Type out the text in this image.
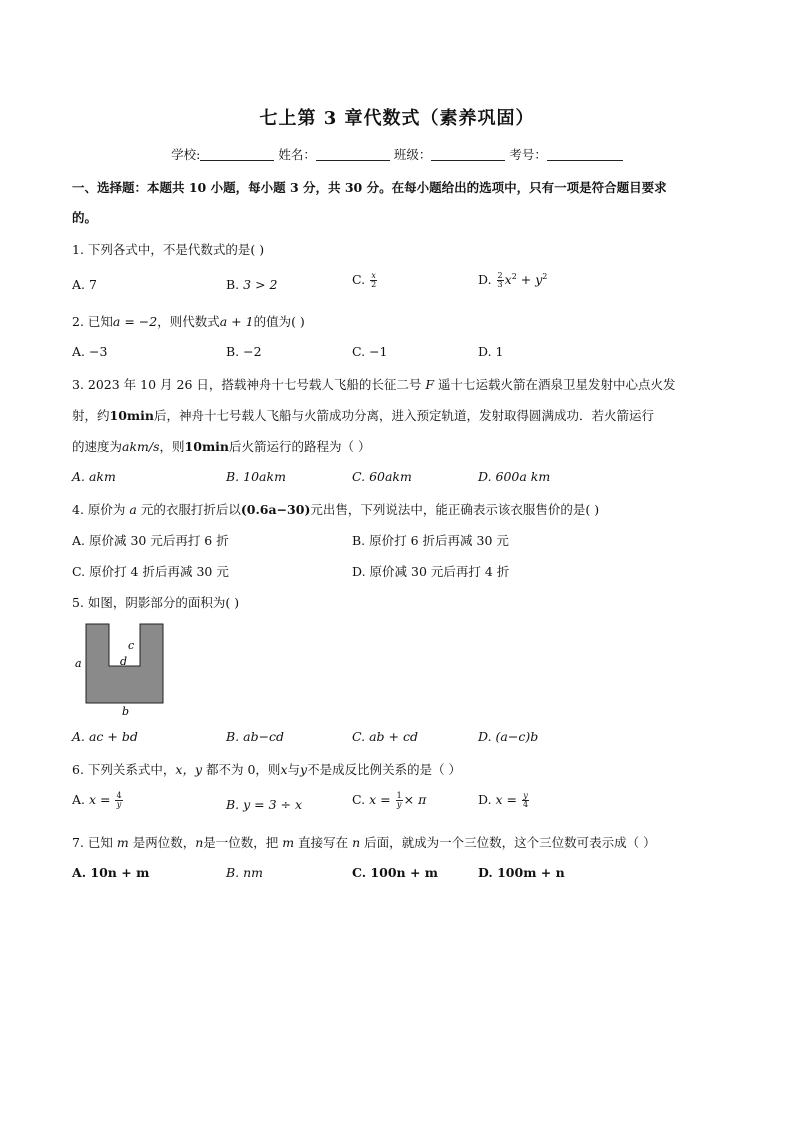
七上第 3 章代数式（素养巩固）
学校:	姓名：	班级：	考号：
一、选择题：本题共 10 小题，每小题 3 分，共 30 分。在每小题给出的选项中，只有一项是符合题目要求
的。
1. 下列各式中，不是代数式的是( )
A. 7	B. 3 > 2	C. $\frac{x}{2}$	D. $\frac{2}{3} x^2 + y^2$
2. 已知a = −2，则代数式a + 1的值为( )
A. −3	B. −2	C. −1	D. 1
3. 2023 年 10 月 26 日，搭载神舟十七号载人飞船的长征二号 F 遥十七运载火箭在酒泉卫星发射中心点火发
射，约10min后，神舟十七号载人飞船与火箭成功分离，进入预定轨道，发射取得圆满成功．若火箭运行
的速度为akm/s，则10min后火箭运行的路程为（ ）
A. akm	B. 10akm	C. 60akm	D. 600a km
4. 原价为 a 元的衣服打折后以(0.6a−30)元出售，下列说法中，能正确表示该衣服售价的是( )
A. 原价减 30 元后再打 6 折	B. 原价打 6 折后再减 30 元
C. 原价打 4 折后再减 30 元	D. 原价减 30 元后再打 4 折
5. 如图，阴影部分的面积为( )
a
b
c
d
A. ac + bd	B. ab−cd	C. ab + cd	D. (a−c)b
6. 下列关系式中，x，y 都不为 0，则x与y不是成反比例关系的是（ ）
A. $x = \frac{4}{y}$	B. y = 3 ÷ x	C. $x = \frac{1}{y} \times \pi$	D. $x = \frac{y}{4}$
7. 已知 m 是两位数，n是一位数，把 m 直接写在 n 后面，就成为一个三位数，这个三位数可表示成（ ）
A. 10n + m	B. nm	C. 100n + m	D. 100m + n
